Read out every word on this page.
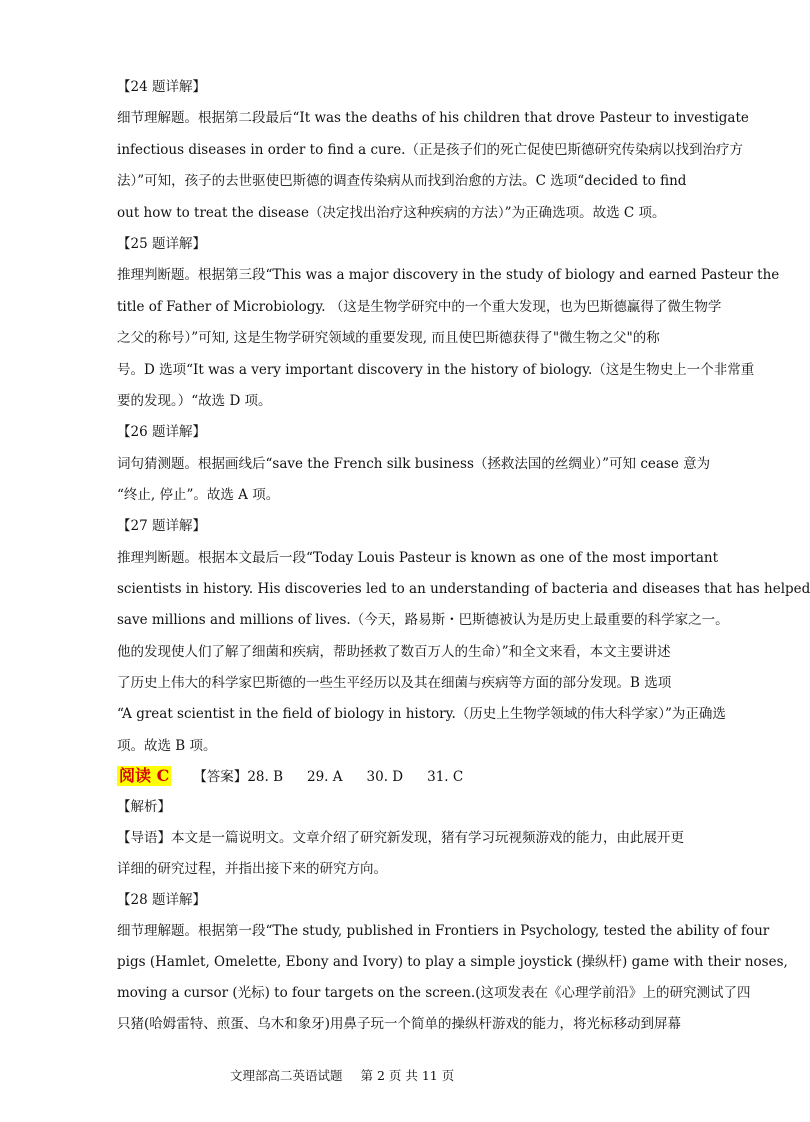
【24 题详解】
细节理解题。根据第二段最后“It was the deaths of his children that drove Pasteur to investigate
infectious diseases in order to find a cure.（正是孩子们的死亡促使巴斯德研究传染病以找到治疗方
法）”可知，孩子的去世驱使巴斯德的调查传染病从而找到治愈的方法。C 选项“decided to find
out how to treat the disease（决定找出治疗这种疾病的方法）”为正确选项。故选 C 项。
【25 题详解】
推理判断题。根据第三段“This was a major discovery in the study of biology and earned Pasteur the
title of Father of Microbiology. （这是生物学研究中的一个重大发现，也为巴斯德赢得了微生物学
之父的称号）”可知, 这是生物学研究领域的重要发现, 而且使巴斯德获得了"微生物之父"的称
号。D 选项“It was a very important discovery in the history of biology.（这是生物史上一个非常重
要的发现。）“故选 D 项。
【26 题详解】
词句猜测题。根据画线后“save the French silk business（拯救法国的丝绸业）”可知 cease 意为
“终止, 停止”。故选 A 项。
【27 题详解】
推理判断题。根据本文最后一段“Today Louis Pasteur is known as one of the most important
scientists in history. His discoveries led to an understanding of bacteria and diseases that has helped
save millions and millions of lives.（今天，路易斯・巴斯德被认为是历史上最重要的科学家之一。
他的发现使人们了解了细菌和疾病，帮助拯救了数百万人的生命）”和全文来看，本文主要讲述
了历史上伟大的科学家巴斯德的一些生平经历以及其在细菌与疾病等方面的部分发现。B 选项
“A great scientist in the field of biology in history.（历史上生物学领域的伟大科学家）”为正确选
项。故选 B 项。
阅读 C 【答案】28. B 29. A 30. D 31. C
【解析】
【导语】本文是一篇说明文。文章介绍了研究新发现，猪有学习玩视频游戏的能力，由此展开更
详细的研究过程，并指出接下来的研究方向。
【28 题详解】
细节理解题。根据第一段“The study, published in Frontiers in Psychology, tested the ability of four
pigs (Hamlet, Omelette, Ebony and Ivory) to play a simple joystick (操纵杆) game with their noses,
moving a cursor (光标) to four targets on the screen.(这项发表在《心理学前沿》上的研究测试了四
只猪(哈姆雷特、煎蛋、乌木和象牙)用鼻子玩一个简单的操纵杆游戏的能力，将光标移动到屏幕
文理部高二英语试题 第 2 页 共 11 页
